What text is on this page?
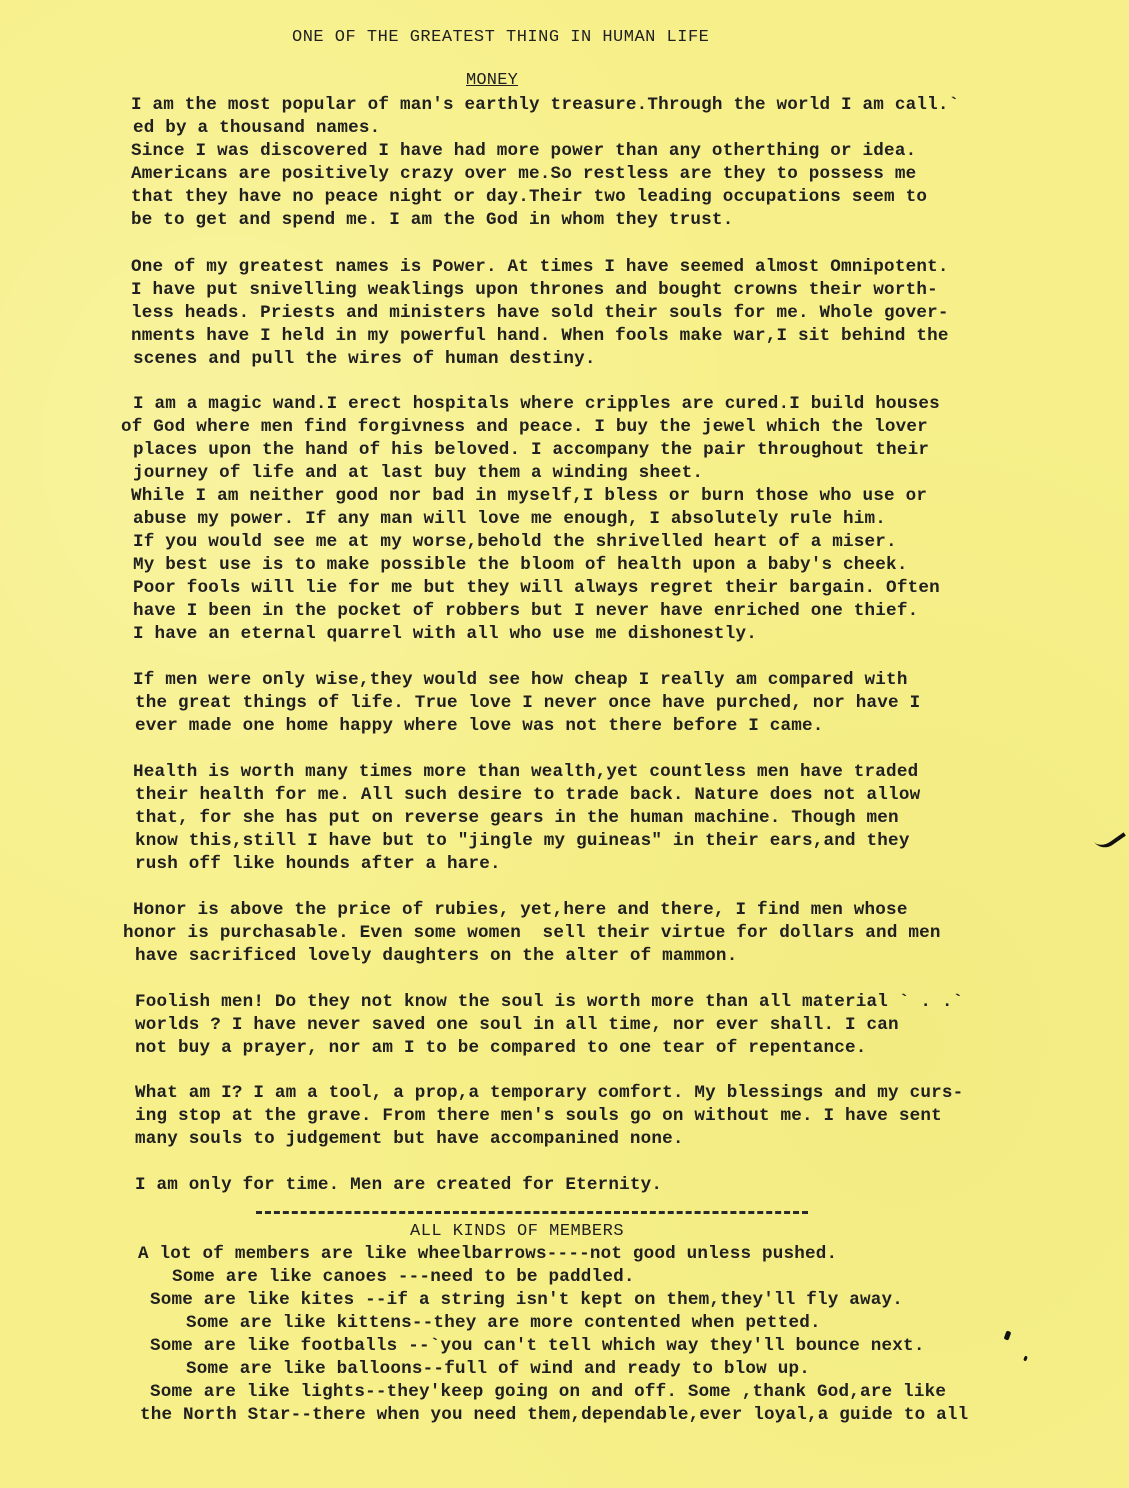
ONE OF THE GREATEST THING IN HUMAN LIFE
MONEY
I am the most popular of man's earthly treasure.Through the world I am call.`
ed by a thousand names.
Since I was discovered I have had more power than any otherthing or idea.
Americans are positively crazy over me.So restless are they to possess me
that they have no peace night or day.Their two leading occupations seem to
be to get and spend me. I am the God in whom they trust.
One of my greatest names is Power. At times I have seemed almost Omnipotent.
I have put snivelling weaklings upon thrones and bought crowns their worth-
less heads. Priests and ministers have sold their souls for me. Whole gover-
nments have I held in my powerful hand. When fools make war,I sit behind the
scenes and pull the wires of human destiny.
I am a magic wand.I erect hospitals where cripples are cured.I build houses
of God where men find forgivness and peace. I buy the jewel which the lover
places upon the hand of his beloved. I accompany the pair throughout their
journey of life and at last buy them a winding sheet.
While I am neither good nor bad in myself,I bless or burn those who use or
abuse my power. If any man will love me enough, I absolutely rule him.
If you would see me at my worse,behold the shrivelled heart of a miser.
My best use is to make possible the bloom of health upon a baby's cheek.
Poor fools will lie for me but they will always regret their bargain. Often
have I been in the pocket of robbers but I never have enriched one thief.
I have an eternal quarrel with all who use me dishonestly.
If men were only wise,they would see how cheap I really am compared with
the great things of life. True love I never once have purched, nor have I
ever made one home happy where love was not there before I came.
Health is worth many times more than wealth,yet countless men have traded
their health for me. All such desire to trade back. Nature does not allow
that, for she has put on reverse gears in the human machine. Though men
know this,still I have but to "jingle my guineas" in their ears,and they
rush off like hounds after a hare.
Honor is above the price of rubies, yet,here and there, I find men whose
honor is purchasable. Even some women  sell their virtue for dollars and men
have sacrificed lovely daughters on the alter of mammon.
Foolish men! Do they not know the soul is worth more than all material ` . .`
worlds ? I have never saved one soul in all time, nor ever shall. I can
not buy a prayer, nor am I to be compared to one tear of repentance.
What am I? I am a tool, a prop,a temporary comfort. My blessings and my curs-
ing stop at the grave. From there men's souls go on without me. I have sent
many souls to judgement but have accompanined none.
I am only for time. Men are created for Eternity.
ALL KINDS OF MEMBERS
A lot of members are like wheelbarrows----not good unless pushed.
Some are like canoes ---need to be paddled.
Some are like kites --if a string isn't kept on them,they'll fly away.
Some are like kittens--they are more contented when petted.
Some are like footballs --`you can't tell which way they'll bounce next.
Some are like balloons--full of wind and ready to blow up.
Some are like lights--they'keep going on and off. Some ,thank God,are like
the North Star--there when you need them,dependable,ever loyal,a guide to all
